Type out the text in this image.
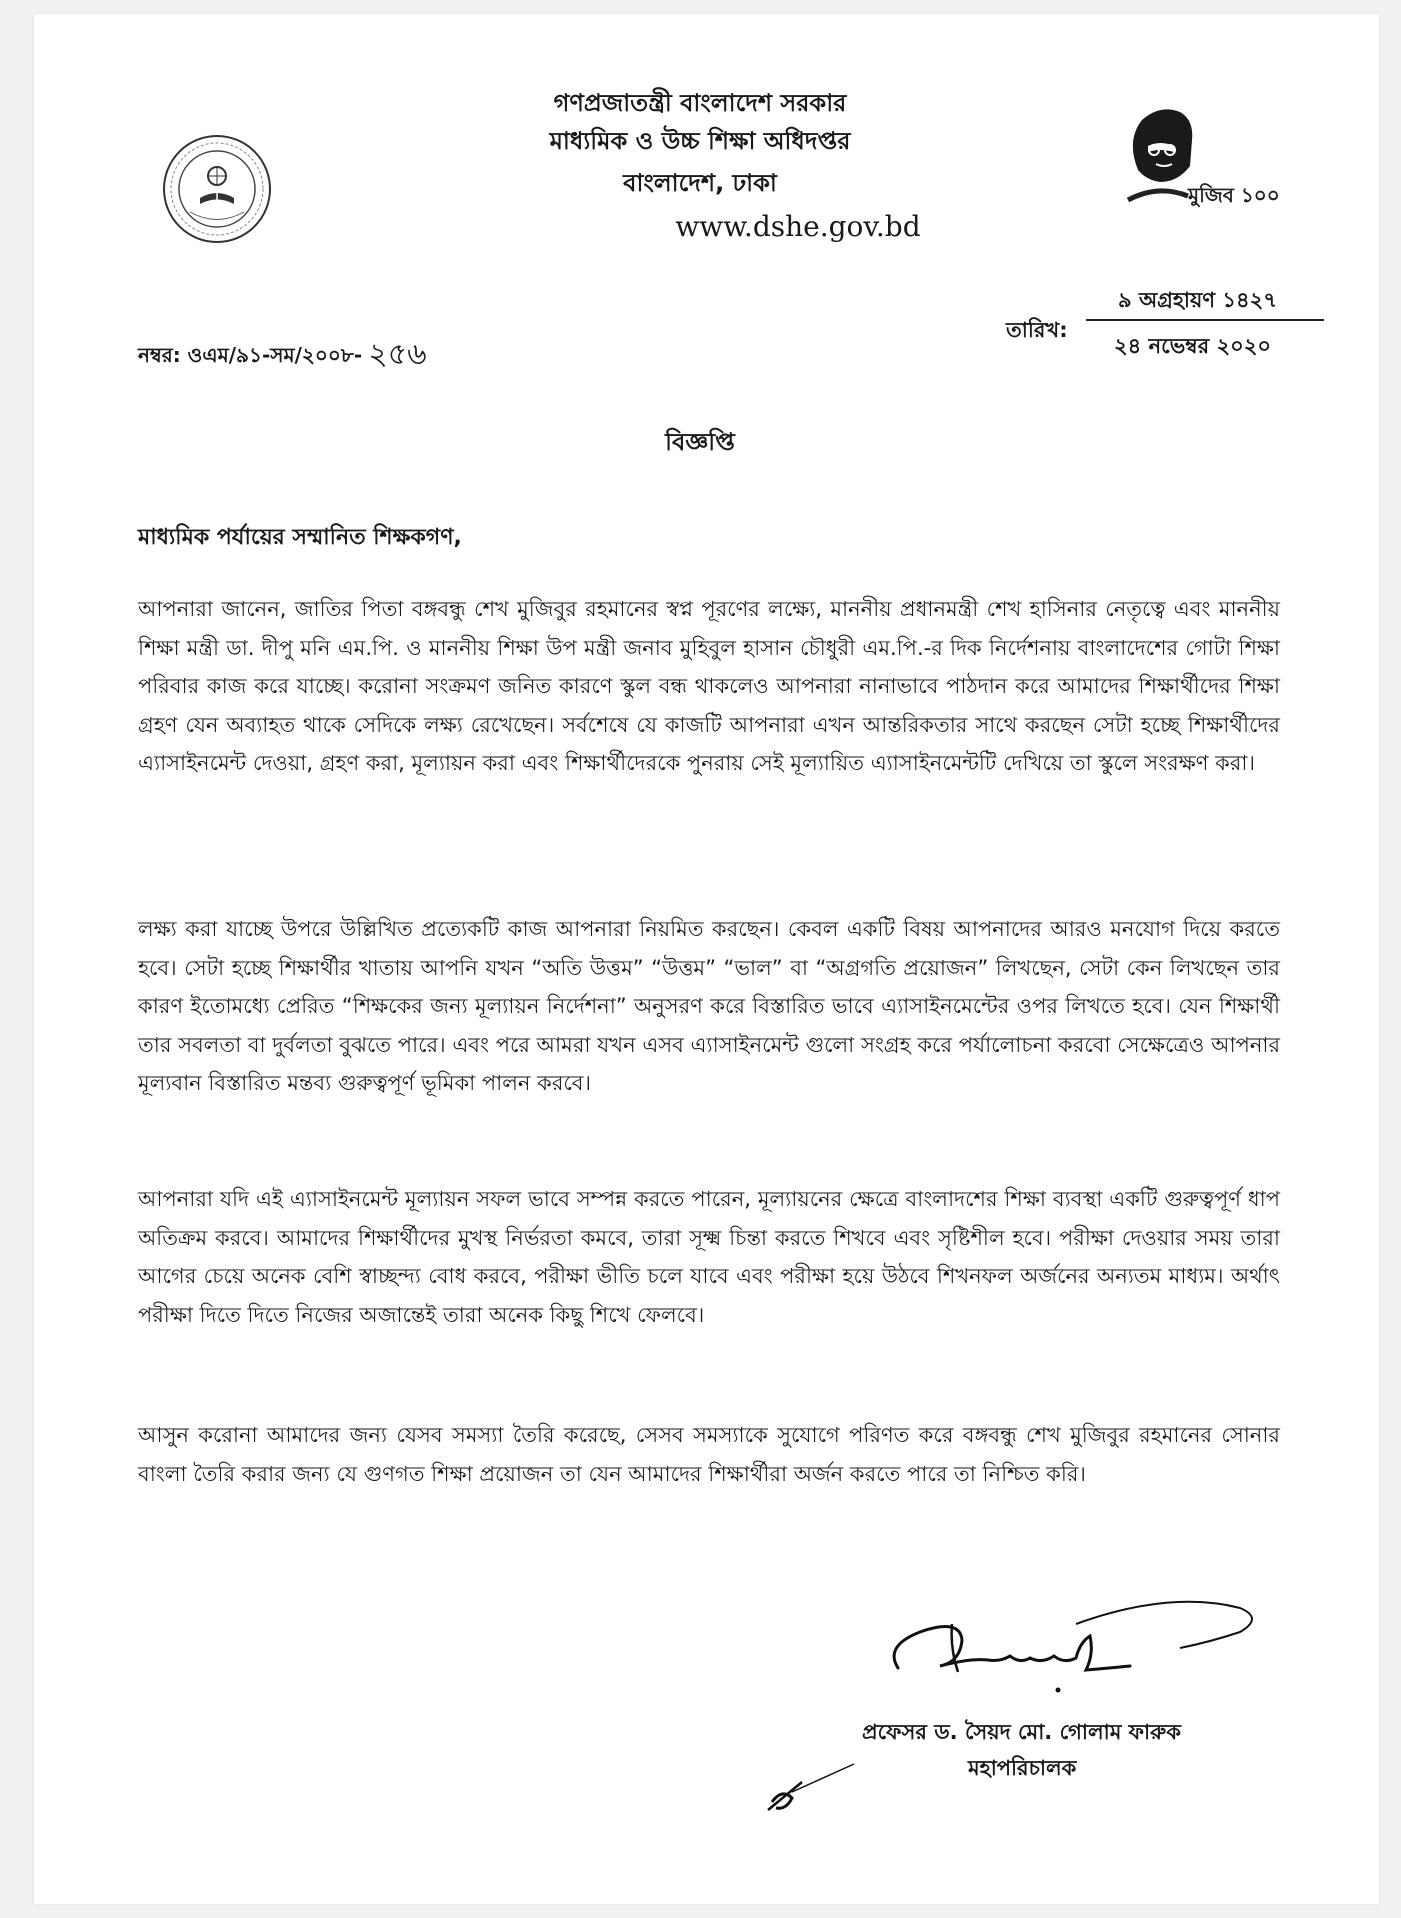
গণপ্রজাতন্ত্রী বাংলাদেশ সরকার
মাধ্যমিক ও উচ্চ শিক্ষা অধিদপ্তর
বাংলাদেশ, ঢাকা
www.dshe.gov.bd
মুজিব ১০০
নম্বর: ওএম/৯১-সম/২০০৮- ২৫৬
তারিখ:
৯ অগ্রহায়ণ ১৪২৭
২৪ নভেম্বর ২০২০
বিজ্ঞপ্তি
মাধ্যমিক পর্যায়ের সম্মানিত শিক্ষকগণ,
আপনারা জানেন, জাতির পিতা বঙ্গবন্ধু শেখ মুজিবুর রহমানের স্বপ্ন পূরণের লক্ষ্যে, মাননীয় প্রধানমন্ত্রী শেখ হাসিনার নেতৃত্বে এবং মাননীয় শিক্ষা মন্ত্রী ডা. দীপু মনি এম.পি. ও মাননীয় শিক্ষা উপ মন্ত্রী জনাব মুহিবুল হাসান চৌধুরী এম.পি.-র দিক নির্দেশনায় বাংলাদেশের গোটা শিক্ষা পরিবার কাজ করে যাচ্ছে। করোনা সংক্রমণ জনিত কারণে স্কুল বন্ধ থাকলেও আপনারা নানাভাবে পাঠদান করে আমাদের শিক্ষার্থীদের শিক্ষা গ্রহণ যেন অব্যাহত থাকে সেদিকে লক্ষ্য রেখেছেন। সর্বশেষে যে কাজটি আপনারা এখন আন্তরিকতার সাথে করছেন সেটা হচ্ছে শিক্ষার্থীদের এ্যাসাইনমেন্ট দেওয়া, গ্রহণ করা, মূল্যায়ন করা এবং শিক্ষার্থীদেরকে পুনরায় সেই মূল্যায়িত এ্যাসাইনমেন্টটি দেখিয়ে তা স্কুলে সংরক্ষণ করা।
লক্ষ্য করা যাচ্ছে উপরে উল্লিখিত প্রত্যেকটি কাজ আপনারা নিয়মিত করছেন। কেবল একটি বিষয় আপনাদের আরও মনযোগ দিয়ে করতে হবে। সেটা হচ্ছে শিক্ষার্থীর খাতায় আপনি যখন “অতি উত্তম” “উত্তম” “ভাল” বা “অগ্রগতি প্রয়োজন” লিখছেন, সেটা কেন লিখছেন তার কারণ ইতোমধ্যে প্রেরিত “শিক্ষকের জন্য মূল্যায়ন নির্দেশনা” অনুসরণ করে বিস্তারিত ভাবে এ্যাসাইনমেন্টের ওপর লিখতে হবে। যেন শিক্ষার্থী তার সবলতা বা দুর্বলতা বুঝতে পারে। এবং পরে আমরা যখন এসব এ্যাসাইনমেন্ট গুলো সংগ্রহ করে পর্যালোচনা করবো সেক্ষেত্রেও আপনার মূল্যবান বিস্তারিত মন্তব্য গুরুত্বপূর্ণ ভূমিকা পালন করবে।
আপনারা যদি এই এ্যাসাইনমেন্ট মূল্যায়ন সফল ভাবে সম্পন্ন করতে পারেন, মূল্যায়নের ক্ষেত্রে বাংলাদশের শিক্ষা ব্যবস্থা একটি গুরুত্বপূর্ণ ধাপ অতিক্রম করবে। আমাদের শিক্ষার্থীদের মুখস্থ নির্ভরতা কমবে, তারা সূক্ষ্ম চিন্তা করতে শিখবে এবং সৃষ্টিশীল হবে। পরীক্ষা দেওয়ার সময় তারা আগের চেয়ে অনেক বেশি স্বাচ্ছন্দ্য বোধ করবে, পরীক্ষা ভীতি চলে যাবে এবং পরীক্ষা হয়ে উঠবে শিখনফল অর্জনের অন্যতম মাধ্যম। অর্থাৎ পরীক্ষা দিতে দিতে নিজের অজান্তেই তারা অনেক কিছু শিখে ফেলবে।
আসুন করোনা আমাদের জন্য যেসব সমস্যা তৈরি করেছে, সেসব সমস্যাকে সুযোগে পরিণত করে বঙ্গবন্ধু শেখ মুজিবুর রহমানের সোনার বাংলা তৈরি করার জন্য যে গুণগত শিক্ষা প্রয়োজন তা যেন আমাদের শিক্ষার্থীরা অর্জন করতে পারে তা নিশ্চিত করি।
প্রফেসর ড. সৈয়দ মো. গোলাম ফারুক
মহাপরিচালক
